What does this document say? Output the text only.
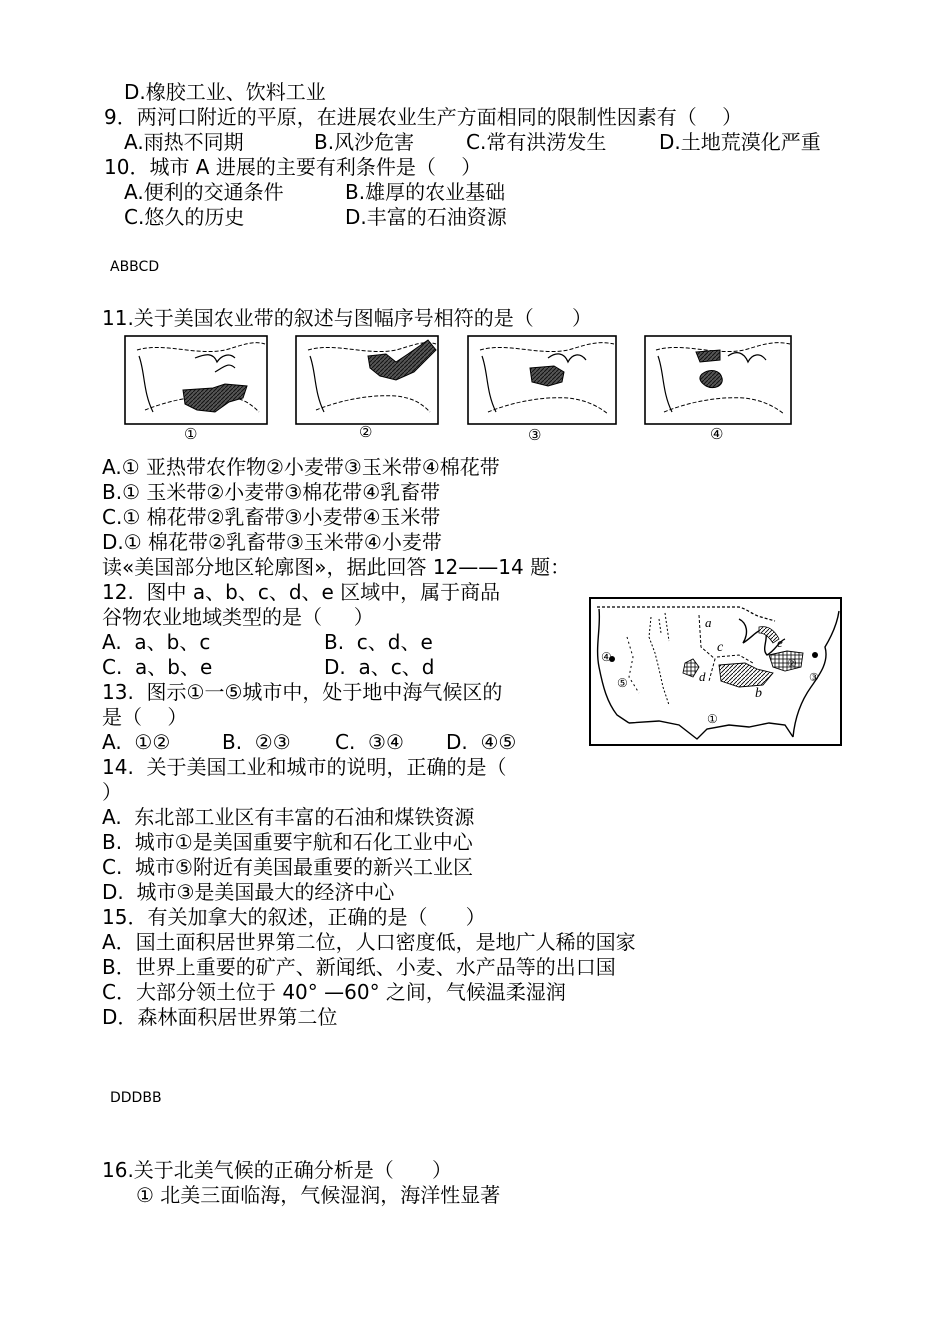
D.橡胶工业、饮料工业
9．两河口附近的平原，在进展农业生产方面相同的限制性因素有（    ）
A.雨热不同期	B.风沙危害	C.常有洪涝发生	D.土地荒漠化严重
10．城市 A 进展的主要有利条件是（    ）
A.便利的交通条件	B.雄厚的农业基础
C.悠久的历史	D.丰富的石油资源
ABBCD
11.关于美国农业带的叙述与图幅序号相符的是（      ）
①	②	③	④
A.① 亚热带农作物②小麦带③玉米带④棉花带
B.① 玉米带②小麦带③棉花带④乳畜带
C.① 棉花带②乳畜带③小麦带④玉米带
D.① 棉花带②乳畜带③玉米带④小麦带
读«美国部分地区轮廓图»，据此回答 12——14 题：
12.  图中 a、b、c、d、e 区域中，属于商品
谷物农业地域类型的是（     ）
A.  a、b、c	B.  c、d、e
C.  a、b、e	D.  a、c、d
13.  图示①一⑤城市中，处于地中海气候区的
是（    ）
A.  ①②	B.  ②③ C.  ③④ D.  ④⑤
a
b
c
d
e
①
②
③
④
⑤
14.  关于美国工业和城市的说明，正确的是（
）
A.  东北部工业区有丰富的石油和煤铁资源
B.  城市①是美国重要宇航和石化工业中心
C.  城市⑤附近有美国最重要的新兴工业区
D.  城市③是美国最大的经济中心
15．有关加拿大的叙述，正确的是（      ）
A．国土面积居世界第二位，人口密度低，是地广人稀的国家
B．世界上重要的矿产、新闻纸、小麦、水产品等的出口国
C．大部分领土位于 40° —60° 之间，气候温柔湿润
D．森林面积居世界第二位
DDDBB
16.关于北美气候的正确分析是（      ）
① 北美三面临海，气候湿润，海洋性显著
